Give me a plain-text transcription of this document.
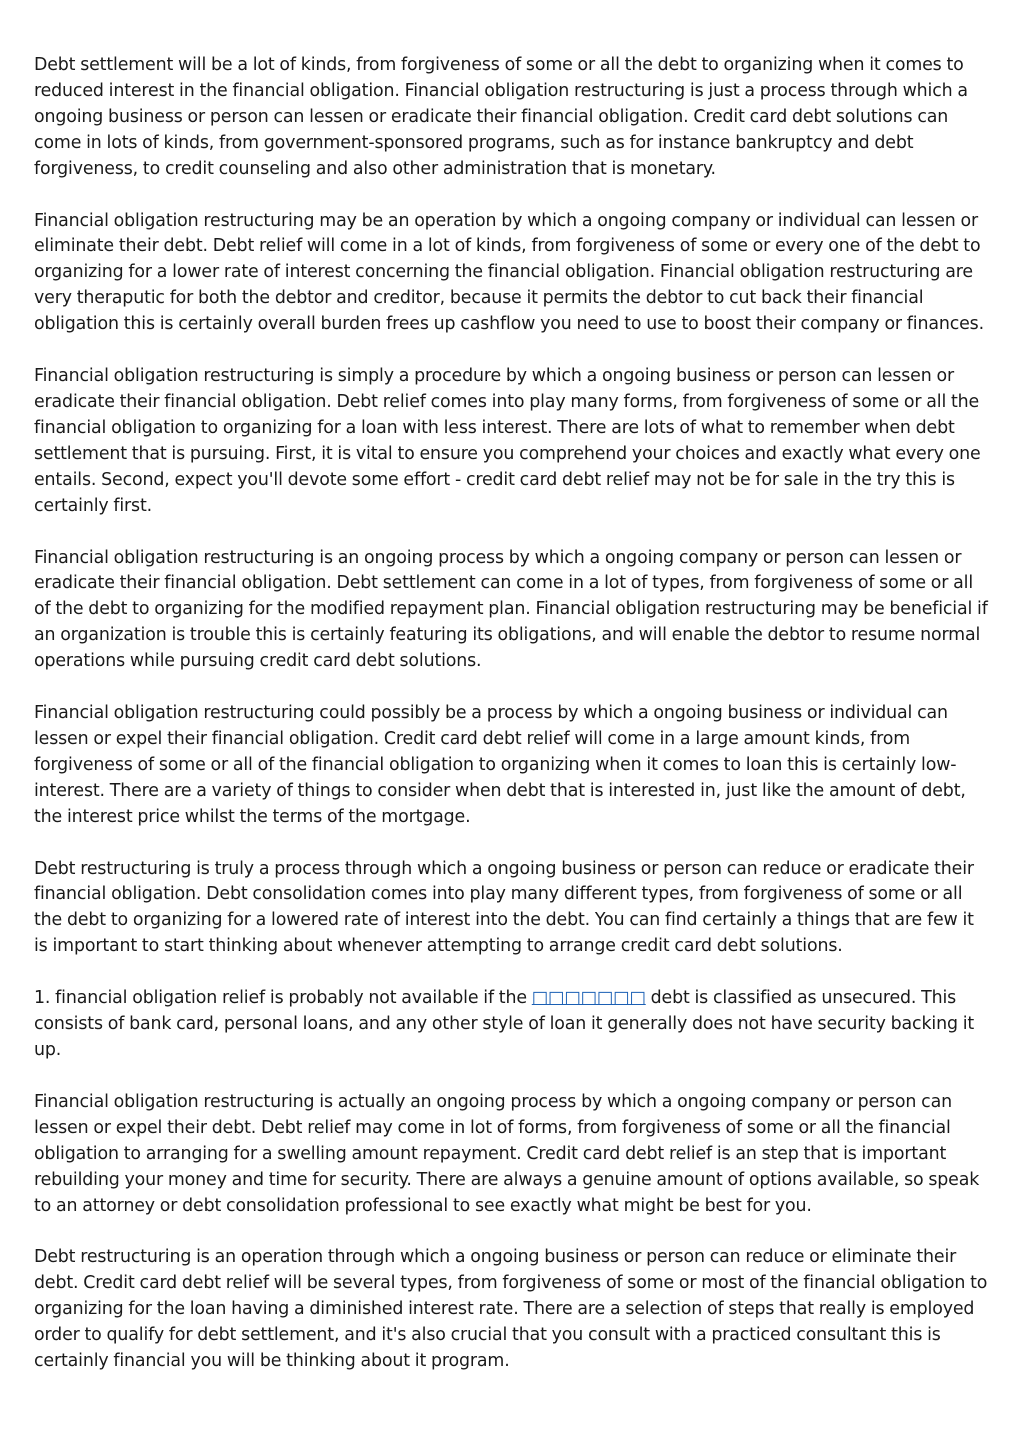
Debt settlement will be a lot of kinds, from forgiveness of some or all the debt to organizing when it comes to reduced interest in the financial obligation. Financial obligation restructuring is just a process through which a ongoing business or person can lessen or eradicate their financial obligation. Credit card debt solutions can come in lots of kinds, from government-sponsored programs, such as for instance bankruptcy and debt forgiveness, to credit counseling and also other administration that is monetary.

Financial obligation restructuring may be an operation by which a ongoing company or individual can lessen or eliminate their debt. Debt relief will come in a lot of kinds, from forgiveness of some or every one of the debt to organizing for a lower rate of interest concerning the financial obligation. Financial obligation restructuring are very theraputic for both the debtor and creditor, because it permits the debtor to cut back their financial obligation this is certainly overall burden frees up cashflow you need to use to boost their company or finances.

Financial obligation restructuring is simply a procedure by which a ongoing business or person can lessen or eradicate their financial obligation. Debt relief comes into play many forms, from forgiveness of some or all the financial obligation to organizing for a loan with less interest. There are lots of what to remember when debt settlement that is pursuing. First, it is vital to ensure you comprehend your choices and exactly what every one entails. Second, expect you'll devote some effort - credit card debt relief may not be for sale in the try this is certainly first.

Financial obligation restructuring is an ongoing process by which a ongoing company or person can lessen or eradicate their financial obligation. Debt settlement can come in a lot of types, from forgiveness of some or all of the debt to organizing for the modified repayment plan. Financial obligation restructuring may be beneficial if an organization is trouble this is certainly featuring its obligations, and will enable the debtor to resume normal operations while pursuing credit card debt solutions.

Financial obligation restructuring could possibly be a process by which a ongoing business or individual can lessen or expel their financial obligation. Credit card debt relief will come in a large amount kinds, from forgiveness of some or all of the financial obligation to organizing when it comes to loan this is certainly low-interest. There are a variety of things to consider when debt that is interested in, just like the amount of debt, the interest price whilst the terms of the mortgage.

Debt restructuring is truly a process through which a ongoing business or person can reduce or eradicate their financial obligation. Debt consolidation comes into play many different types, from forgiveness of some or all the debt to organizing for a lowered rate of interest into the debt. You can find certainly a things that are few it is important to start thinking about whenever attempting to arrange credit card debt solutions.

1. financial obligation relief is probably not available if the □□□□□□□ debt is classified as unsecured. This consists of bank card, personal loans, and any other style of loan it generally does not have security backing it up.

Financial obligation restructuring is actually an ongoing process by which a ongoing company or person can lessen or expel their debt. Debt relief may come in lot of forms, from forgiveness of some or all the financial obligation to arranging for a swelling amount repayment. Credit card debt relief is an step that is important rebuilding your money and time for security. There are always a genuine amount of options available, so speak to an attorney or debt consolidation professional to see exactly what might be best for you.

Debt restructuring is an operation through which a ongoing business or person can reduce or eliminate their debt. Credit card debt relief will be several types, from forgiveness of some or most of the financial obligation to organizing for the loan having a diminished interest rate. There are a selection of steps that really is employed order to qualify for debt settlement, and it's also crucial that you consult with a practiced consultant this is certainly financial you will be thinking about it program.
